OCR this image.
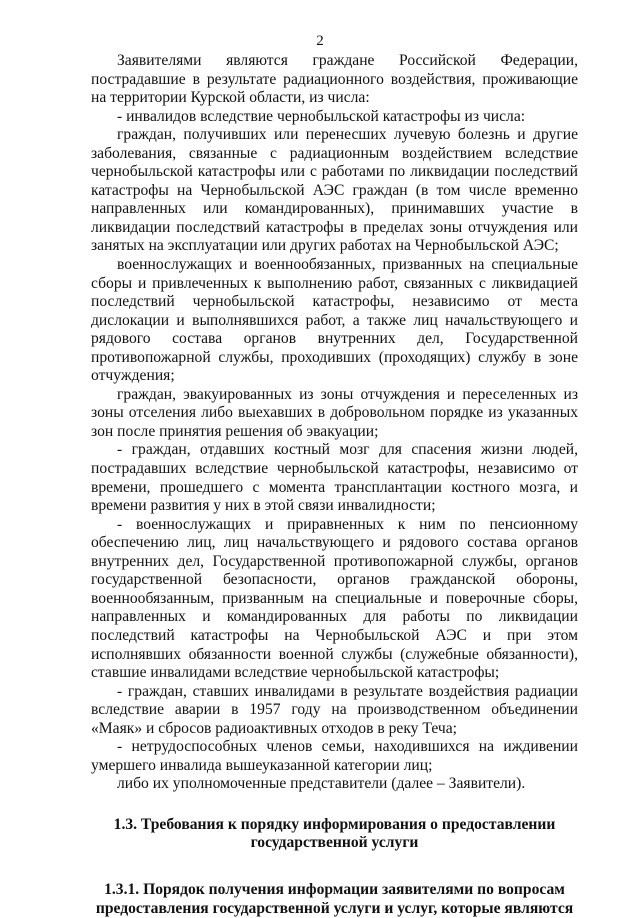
2

Заявителями являются граждане Российской Федерации, пострадавшие в результате радиационного воздействия, проживающие на территории Курской области, из числа:

- инвалидов вследствие чернобыльской катастрофы из числа:

граждан, получивших или перенесших лучевую болезнь и другие заболевания, связанные с радиационным воздействием вследствие чернобыльской катастрофы или с работами по ликвидации последствий катастрофы на Чернобыльской АЭС граждан (в том числе временно направленных или командированных), принимавших участие в ликвидации последствий катастрофы в пределах зоны отчуждения или занятых на эксплуатации или других работах на Чернобыльской АЭС;

военнослужащих и военнообязанных, призванных на специальные сборы и привлеченных к выполнению работ, связанных с ликвидацией последствий чернобыльской катастрофы, независимо от места дислокации и выполнявшихся работ, а также лиц начальствующего и рядового состава органов внутренних дел, Государственной противопожарной службы, проходивших (проходящих) службу в зоне отчуждения;

граждан, эвакуированных из зоны отчуждения и переселенных из зоны отселения либо выехавших в добровольном порядке из указанных зон после принятия решения об эвакуации;

- граждан, отдавших костный мозг для спасения жизни людей, пострадавших вследствие чернобыльской катастрофы, независимо от времени, прошедшего с момента трансплантации костного мозга, и времени развития у них в этой связи инвалидности;

- военнослужащих и приравненных к ним по пенсионному обеспечению лиц, лиц начальствующего и рядового состава органов внутренних дел, Государственной противопожарной службы, органов государственной безопасности, органов гражданской обороны, военнообязанным, призванным на специальные и поверочные сборы, направленных и командированных для работы по ликвидации последствий катастрофы на Чернобыльской АЭС и при этом исполнявших обязанности военной службы (служебные обязанности), ставшие инвалидами вследствие чернобыльской катастрофы;

- граждан, ставших инвалидами в результате воздействия радиации вследствие аварии в 1957 году на производственном объединении «Маяк» и сбросов радиоактивных отходов в реку Теча;

- нетрудоспособных членов семьи, находившихся на иждивении умершего инвалида вышеуказанной категории лиц;

либо их уполномоченные представители (далее – Заявители).

1.3. Требования к порядку информирования о предоставлении
государственной услуги
1.3.1. Порядок получения информации заявителями по вопросам
предоставления государственной услуги и услуг, которые являются
